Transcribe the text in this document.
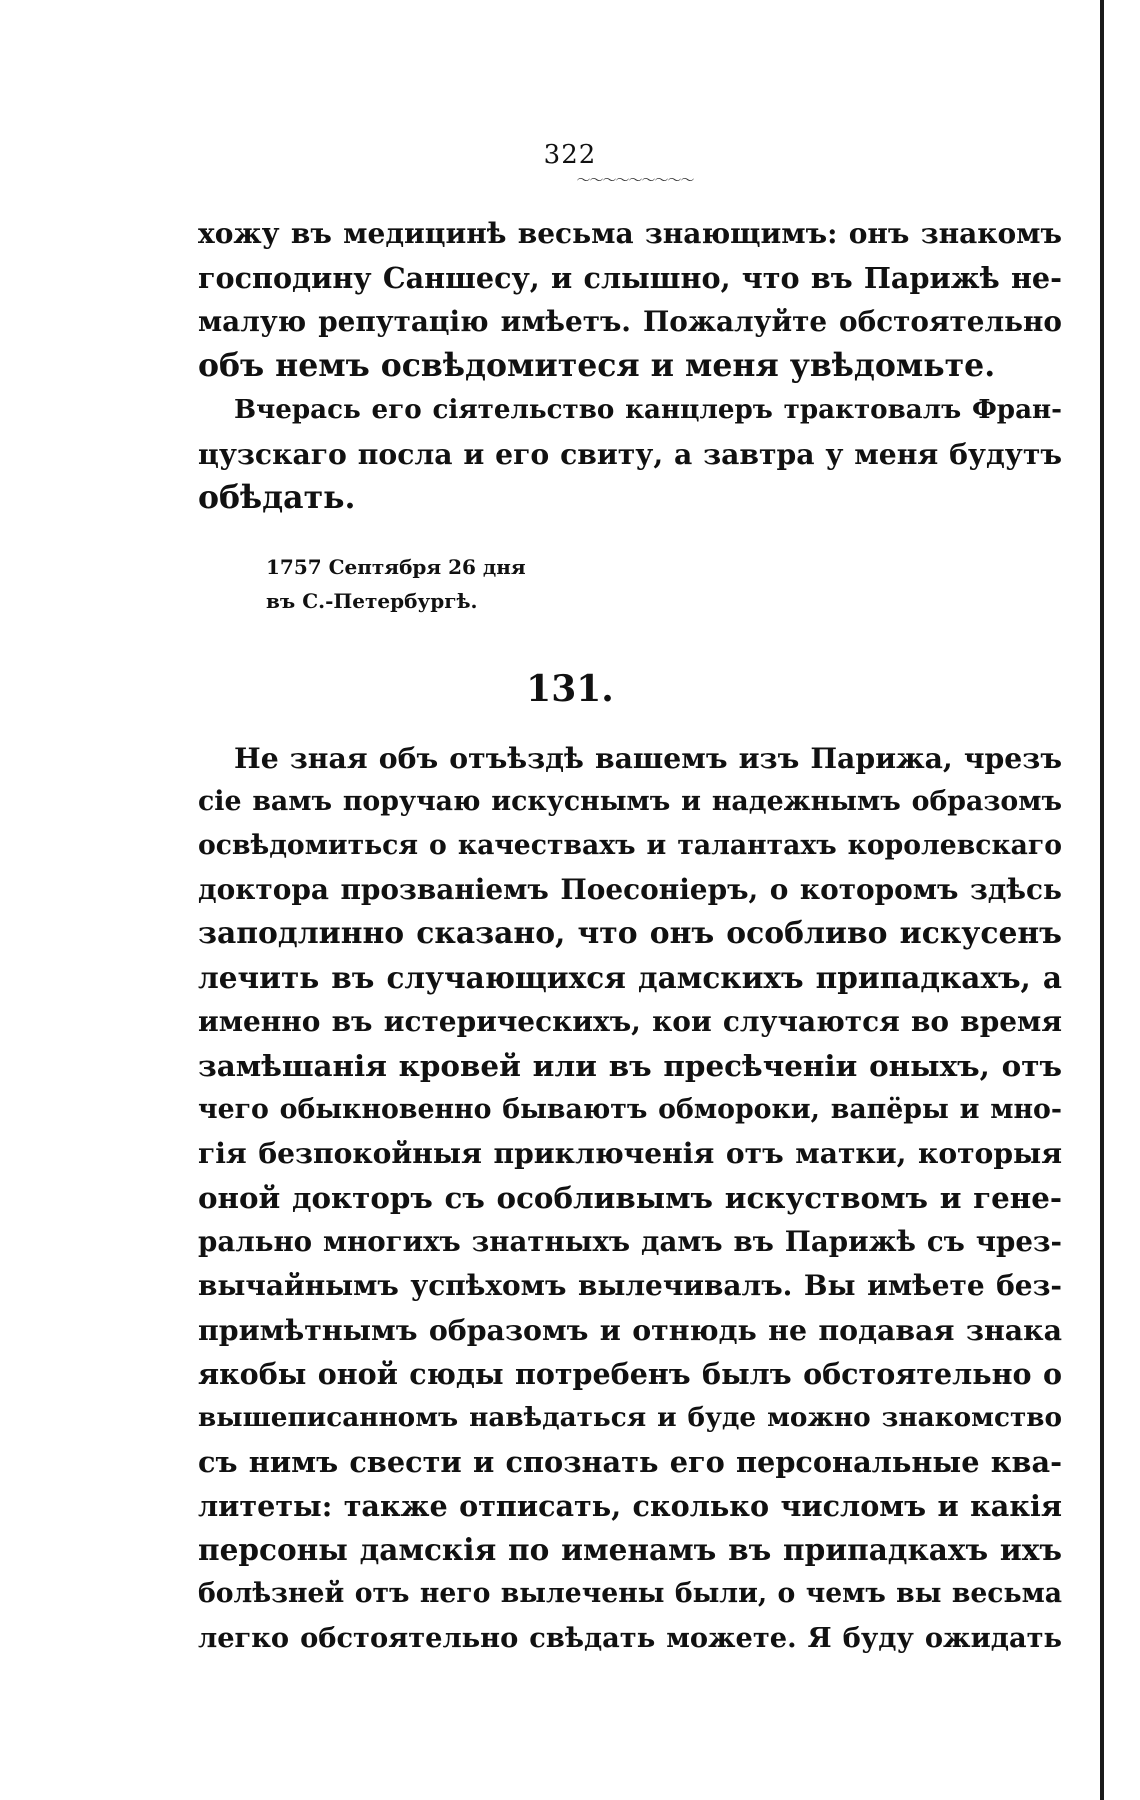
322
〜〜〜〜〜〜〜〜〜
хожу въ медицинѣ весьма знающимъ: онъ знакомъ
господину Саншесу, и слышно, что въ Парижѣ не-
малую репутацію имѣетъ. Пожалуйте обстоятельно
объ немъ освѣдомитеся и меня увѣдомьте.
Вчерась его сіятельство канцлеръ трактовалъ Фран-
цузскаго посла и его свиту, а завтра у меня будутъ
обѣдать.
1757 Септября 26 дня
въ С.-Петербургѣ.
131.
Не зная объ отъѣздѣ вашемъ изъ Парижа, чрезъ
сіе вамъ поручаю искуснымъ и надежнымъ образомъ
освѣдомиться о качествахъ и талантахъ королевскаго
доктора прозваніемъ Поесоніеръ, о которомъ здѣсь
заподлинно сказано, что онъ особливо искусенъ
лечить въ случающихся дамскихъ припадкахъ, а
именно въ истерическихъ, кои случаются во время
замѣшанія кровей или въ пресѣченіи оныхъ, отъ
чего обыкновенно бываютъ обмороки, вапёры и мно-
гія безпокойныя приключенія отъ матки, которыя
оной докторъ съ особливымъ искуствомъ и гене-
рально многихъ знатныхъ дамъ въ Парижѣ съ чрез-
вычайнымъ успѣхомъ вылечивалъ. Вы имѣете без-
примѣтнымъ образомъ и отнюдь не подавая знака
якобы оной сюды потребенъ былъ обстоятельно о
вышеписанномъ навѣдаться и буде можно знакомство
съ нимъ свести и спознать его персональные ква-
литеты: также отписать, сколько числомъ и какія
персоны дамскія по именамъ въ припадкахъ ихъ
болѣзней отъ него вылечены были, о чемъ вы весьма
легко обстоятельно свѣдать можете. Я буду ожидать
